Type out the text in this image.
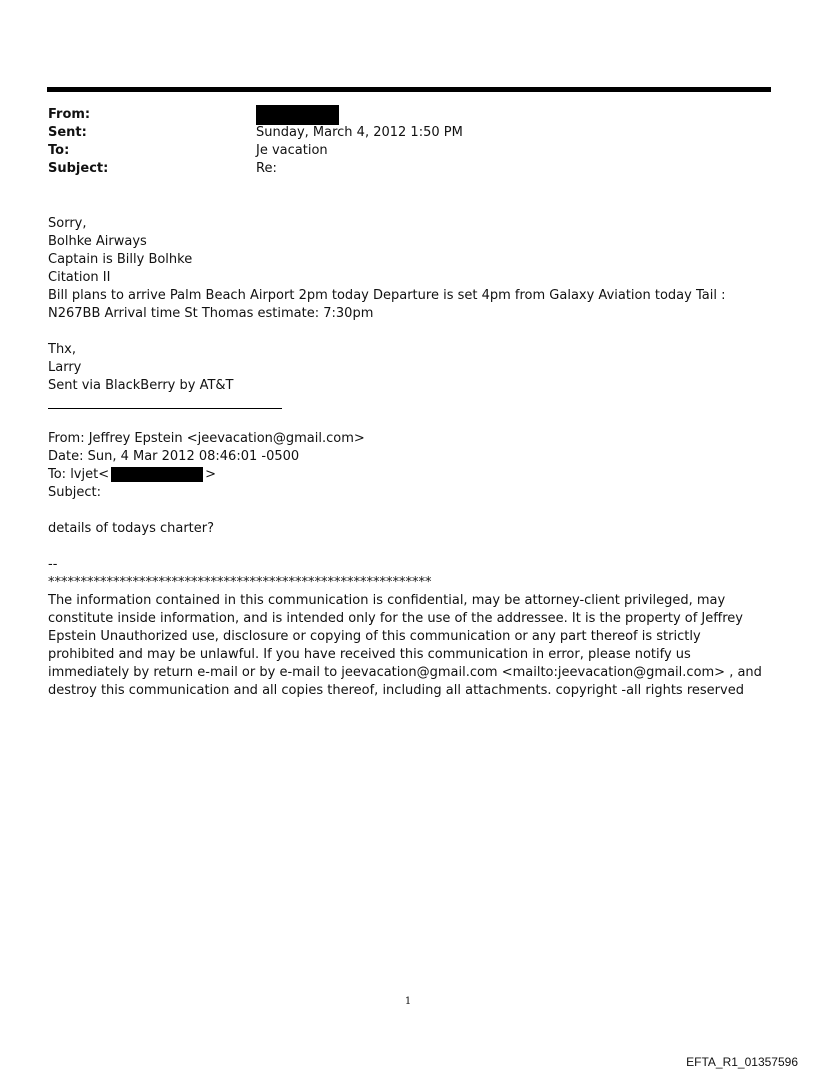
From:
Sent:	Sunday, March 4, 2012 1:50 PM
To:	Je vacation
Subject:	Re:
Sorry,
Bolhke Airways
Captain is Billy Bolhke
Citation II
Bill plans to arrive Palm Beach Airport 2pm today Departure is set 4pm from Galaxy Aviation today Tail : N267BB Arrival time St Thomas estimate: 7:30pm
Thx,
Larry
Sent via BlackBerry by AT&T
From: Jeffrey Epstein <jeevacation@gmail.com>
Date: Sun, 4 Mar 2012 08:46:01 -0500
To: lvjet<	>
Subject:
details of todays charter?
--
***********************************************************
The information contained in this communication is confidential, may be attorney-client privileged, may constitute inside information, and is intended only for the use of the addressee. It is the property of Jeffrey Epstein Unauthorized use, disclosure or copying of this communication or any part thereof is strictly prohibited and may be unlawful. If you have received this communication in error, please notify us immediately by return e-mail or by e-mail to jeevacation@gmail.com <mailto:jeevacation@gmail.com> , and destroy this communication and all copies thereof, including all attachments. copyright -all rights reserved
1
EFTA_R1_01357596
